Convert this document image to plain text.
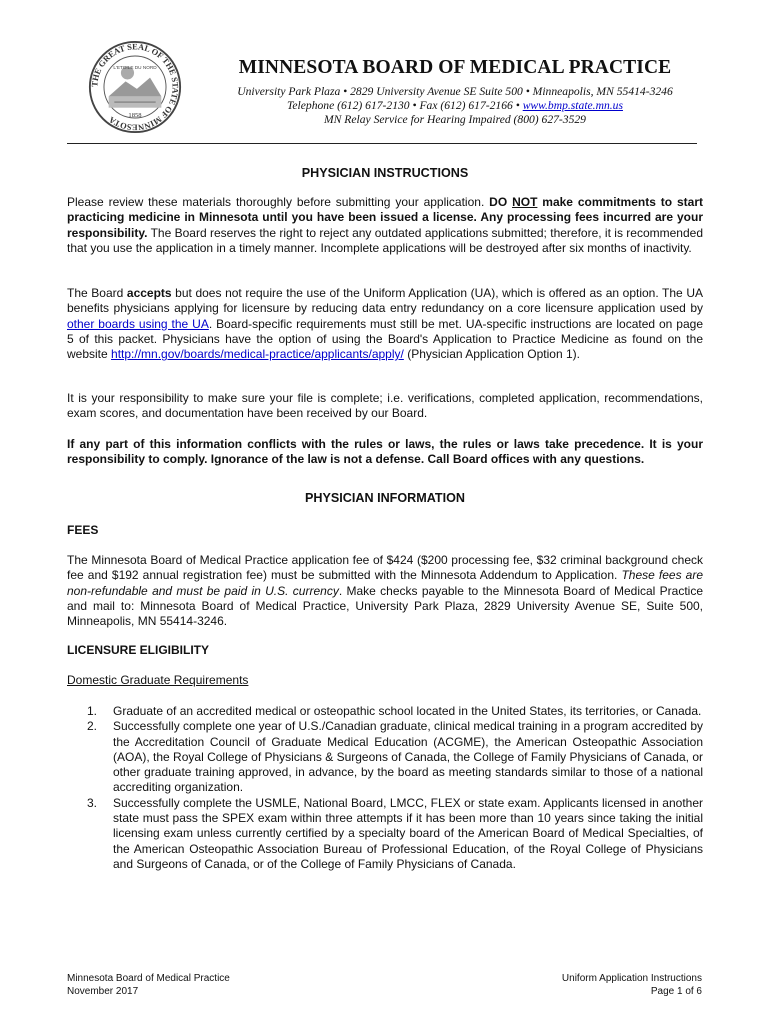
THE GREAT SEAL OF THE STATE OF MINNESOTA
L'ETOILE DU NORD
1858
MINNESOTA BOARD OF MEDICAL PRACTICE
University Park Plaza • 2829 University Avenue SE Suite 500 • Minneapolis, MN 55414-3246
Telephone (612) 617-2130 • Fax (612) 617-2166 • www.bmp.state.mn.us
MN Relay Service for Hearing Impaired (800) 627-3529
PHYSICIAN INSTRUCTIONS
Please review these materials thoroughly before submitting your application. DO NOT make commitments to start practicing medicine in Minnesota until you have been issued a license. Any processing fees incurred are your responsibility. The Board reserves the right to reject any outdated applications submitted; therefore, it is recommended that you use the application in a timely manner. Incomplete applications will be destroyed after six months of inactivity.
The Board accepts but does not require the use of the Uniform Application (UA), which is offered as an option. The UA benefits physicians applying for licensure by reducing data entry redundancy on a core licensure application used by other boards using the UA. Board-specific requirements must still be met. UA-specific instructions are located on page 5 of this packet. Physicians have the option of using the Board's Application to Practice Medicine as found on the website http://mn.gov/boards/medical-practice/applicants/apply/ (Physician Application Option 1).
It is your responsibility to make sure your file is complete; i.e. verifications, completed application, recommendations, exam scores, and documentation have been received by our Board.
If any part of this information conflicts with the rules or laws, the rules or laws take precedence. It is your responsibility to comply. Ignorance of the law is not a defense. Call Board offices with any questions.
PHYSICIAN INFORMATION
FEES
The Minnesota Board of Medical Practice application fee of $424 ($200 processing fee, $32 criminal background check fee and $192 annual registration fee) must be submitted with the Minnesota Addendum to Application. These fees are non-refundable and must be paid in U.S. currency. Make checks payable to the Minnesota Board of Medical Practice and mail to: Minnesota Board of Medical Practice, University Park Plaza, 2829 University Avenue SE, Suite 500, Minneapolis, MN 55414-3246.
LICENSURE ELIGIBILITY
Domestic Graduate Requirements
1. Graduate of an accredited medical or osteopathic school located in the United States, its territories, or Canada.
2. Successfully complete one year of U.S./Canadian graduate, clinical medical training in a program accredited by the Accreditation Council of Graduate Medical Education (ACGME), the American Osteopathic Association (AOA), the Royal College of Physicians & Surgeons of Canada, the College of Family Physicians of Canada, or other graduate training approved, in advance, by the board as meeting standards similar to those of a national accrediting organization.
3. Successfully complete the USMLE, National Board, LMCC, FLEX or state exam. Applicants licensed in another state must pass the SPEX exam within three attempts if it has been more than 10 years since taking the initial licensing exam unless currently certified by a specialty board of the American Board of Medical Specialties, of the American Osteopathic Association Bureau of Professional Education, of the Royal College of Physicians and Surgeons of Canada, or of the College of Family Physicians of Canada.
Minnesota Board of Medical Practice
November 2017
Uniform Application Instructions
Page 1 of 6
